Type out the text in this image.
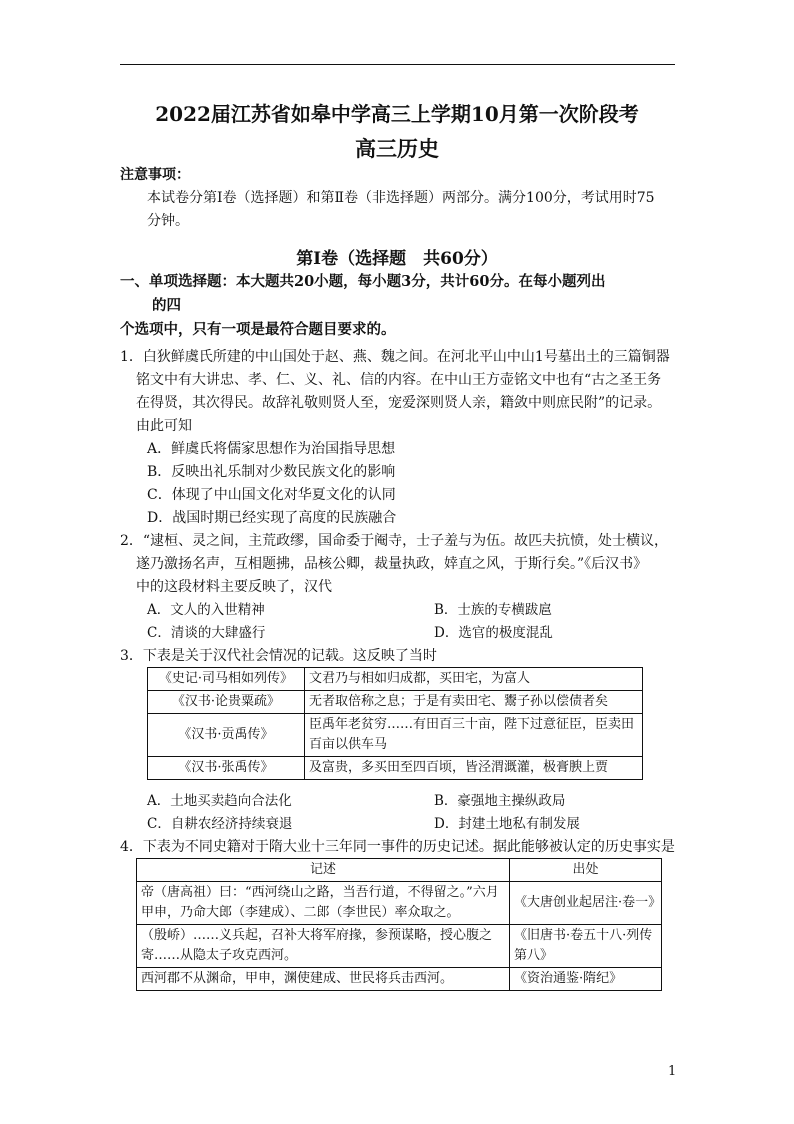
2022届江苏省如皋中学高三上学期10月第一次阶段考
高三历史
注意事项：
本试卷分第Ⅰ卷（选择题）和第Ⅱ卷（非选择题）两部分。满分100分，考试用时75
分钟。
第Ⅰ卷（选择题　共60分）
一、单项选择题：本大题共20小题，每小题3分，共计60分。在每小题列出
的四
个选项中，只有一项是最符合题目要求的。
1．白狄鲜虞氏所建的中山国处于赵、燕、魏之间。在河北平山中山1号墓出土的三篇铜器
铭文中有大讲忠、孝、仁、义、礼、信的内容。在中山王方壶铭文中也有“古之圣王务
在得贤，其次得民。故辞礼敬则贤人至，宠爱深则贤人亲，籍敛中则庶民附”的记录。
由此可知
A．鲜虞氏将儒家思想作为治国指导思想
B．反映出礼乐制对少数民族文化的影响
C．体现了中山国文化对华夏文化的认同
D．战国时期已经实现了高度的民族融合
2．“逮桓、灵之间，主荒政缪，国命委于阉寺，士子羞与为伍。故匹夫抗愤，处士横议，
遂乃激扬名声，互相题拂，品核公卿，裁量执政，婞直之风，于斯行矣。”《后汉书》
中的这段材料主要反映了，汉代
A．文人的入世精神	B．士族的专横跋扈
C．清谈的大肆盛行	D．选官的极度混乱
3．下表是关于汉代社会情况的记载。这反映了当时
《史记·司马相如列传》	文君乃与相如归成都，买田宅，为富人
《汉书·论贵粟疏》	无者取倍称之息；于是有卖田宅、鬻子孙以偿债者矣
《汉书·贡禹传》	臣禹年老贫穷……有田百三十亩，陛下过意征臣，臣卖田百亩以供车马
《汉书·张禹传》	及富贵，多买田至四百顷，皆泾渭溉灌，极膏腴上贾
A．土地买卖趋向合法化	B．豪强地主操纵政局
C．自耕农经济持续衰退	D．封建土地私有制发展
4．下表为不同史籍对于隋大业十三年同一事件的历史记述。据此能够被认定的历史事实是
记述	出处
帝（唐高祖）曰：“西河绕山之路，当吾行道，不得留之。”六月甲申，乃命大郎（李建成）、二郎（李世民）率众取之。	《大唐创业起居注·卷一》
（殷峤）……义兵起，召补大将军府掾，参预谋略，授心腹之寄……从隐太子攻克西河。	《旧唐书·卷五十八·列传第八》
西河郡不从渊命，甲申，渊使建成、世民将兵击西河。	《资治通鉴·隋纪》
1
